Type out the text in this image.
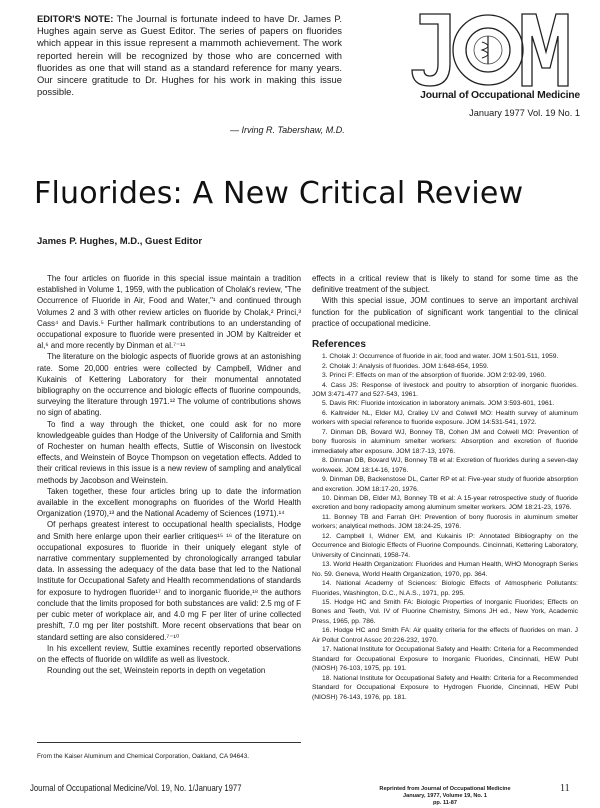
EDITOR'S NOTE: The Journal is fortunate indeed to have Dr. James P. Hughes again serve as Guest Editor. The series of papers on fluorides which appear in this issue represent a mammoth achievement. The work reported herein will be recognized by those who are concerned with fluorides as one that will stand as a standard reference for many years. Our sincere gratitude to Dr. Hughes for his work in making this issue possible.
— Irving R. Tabershaw, M.D.
Journal of Occupational Medicine
January 1977 Vol. 19 No. 1
Fluorides: A New Critical Review
James P. Hughes, M.D., Guest Editor

The four articles on fluoride in this special issue maintain a tradition established in Volume 1, 1959, with the publication of Cholak's review, "The Occurrence of Fluoride in Air, Food and Water,"¹ and continued through Volumes 2 and 3 with other review articles on fluoride by Cholak,² Princi,³ Cass⁴ and Davis.⁵ Further hallmark contributions to an understanding of occupational exposure to fluoride were presented in JOM by Kaltreider et al,⁶ and more recently by Dinman et al.⁷⁻¹¹

The literature on the biologic aspects of fluoride grows at an astonishing rate. Some 20,000 entries were collected by Campbell, Widner and Kukainis of Kettering Laboratory for their monumental annotated bibliography on the occurrence and biologic effects of fluorine compounds, surveying the literature through 1971.¹² The volume of contributions shows no sign of abating.

To find a way through the thicket, one could ask for no more knowledgeable guides than Hodge of the University of California and Smith of Rochester on human health effects, Suttie of Wisconsin on livestock effects, and Weinstein of Boyce Thompson on vegetation effects. Added to their critical reviews in this issue is a new review of sampling and analytical methods by Jacobson and Weinstein.

Taken together, these four articles bring up to date the information available in the excellent monographs on fluorides of the World Health Organization (1970),¹³ and the National Academy of Sciences (1971).¹⁴

Of perhaps greatest interest to occupational health specialists, Hodge and Smith here enlarge upon their earlier critiques¹⁵ ¹⁶ of the literature on occupational exposures to fluoride in their uniquely elegant style of narrative commentary supplemented by chronologically arranged tabular data. In assessing the adequacy of the data base that led to the National Institute for Occupational Safety and Health recommendations of standards for exposure to hydrogen fluoride¹⁷ and to inorganic fluoride,¹⁸ the authors conclude that the limits proposed for both substances are valid: 2.5 mg of F per cubic meter of workplace air, and 4.0 mg F per liter of urine collected preshift, 7.0 mg per liter postshift. More recent observations that bear on standard setting are also considered.⁷⁻¹⁰

In his excellent review, Suttie examines recently reported observations on the effects of fluoride on wildlife as well as livestock.

Rounding out the set, Weinstein reports in depth on vegetation

effects in a critical review that is likely to stand for some time as the definitive treatment of the subject.

With this special issue, JOM continues to serve an important archival function for the publication of significant work tangential to the clinical practice of occupational medicine.

References

1. Cholak J: Occurrence of fluoride in air, food and water. JOM 1:501-511, 1959.

2. Cholak J: Analysis of fluorides. JOM 1:648-654, 1959.

3. Princi F: Effects on man of the absorption of fluoride. JOM 2:92-99, 1960.

4. Cass JS: Response of livestock and poultry to absorption of inorganic fluorides. JOM 3:471-477 and 527-543, 1961.

5. Davis RK: Fluoride intoxication in laboratory animals. JOM 3:593-601, 1961.

6. Kaltreider NL, Elder MJ, Cralley LV and Colwell MO: Health survey of aluminum workers with special reference to fluoride exposure. JOM 14:531-541, 1972.

7. Dinman DB, Bovard WJ, Bonney TB, Cohen JM and Colwell MO: Prevention of bony fluorosis in aluminum smelter workers: Absorption and excretion of fluoride immediately after exposure. JOM 18:7-13, 1976.

8. Dinman DB, Bovard WJ, Bonney TB et al: Excretion of fluorides during a seven-day workweek. JOM 18:14-16, 1976.

9. Dinman DB, Backenstose DL, Carter RP et al: Five-year study of fluoride absorption and excretion. JOM 18:17-20, 1976.

10. Dinman DB, Elder MJ, Bonney TB et al: A 15-year retrospective study of fluoride excretion and bony radiopacity among aluminum smelter workers. JOM 18:21-23, 1976.

11. Bonney TB and Farrah GH: Prevention of bony fluorosis in aluminum smelter workers; analytical methods. JOM 18:24-25, 1976.

12. Campbell I, Widner EM, and Kukainis IP: Annotated Bibliography on the Occurrence and Biologic Effects of Fluorine Compounds. Cincinnati, Kettering Laboratory, University of Cincinnati, 1958-74.

13. World Health Organization: Fluorides and Human Health, WHO Monograph Series No. 59. Geneva, World Health Organization, 1970, pp. 364.

14. National Academy of Sciences: Biologic Effects of Atmospheric Pollutants: Fluorides, Washington, D.C., N.A.S., 1971, pp. 295.

15. Hodge HC and Smith FA: Biologic Properties of Inorganic Fluorides; Effects on Bones and Teeth, Vol. IV of Fluorine Chemistry, Simons JH ed., New York, Academic Press, 1965, pp. 786.

16. Hodge HC and Smith FA: Air quality criteria for the effects of fluorides on man. J Air Pollut Control Assoc 20:226-232, 1970.

17. National Institute for Occupational Safety and Health: Criteria for a Recommended Standard for Occupational Exposure to Inorganic Fluorides, Cincinnati, HEW Publ (NIOSH) 76-103, 1975, pp. 191.

18. National Institute for Occupational Safety and Health: Criteria for a Recommended Standard for Occupational Exposure to Hydrogen Fluoride, Cincinnati, HEW Publ (NIOSH) 76-143, 1976, pp. 181.

From the Kaiser Aluminum and Chemical Corporation, Oakland, CA 94643.
Journal of Occupational Medicine/Vol. 19, No. 1/January 1977	Reprinted from Journal of Occupational Medicine
January, 1977, Volume 19, No. 1
pp. 11-87
11
